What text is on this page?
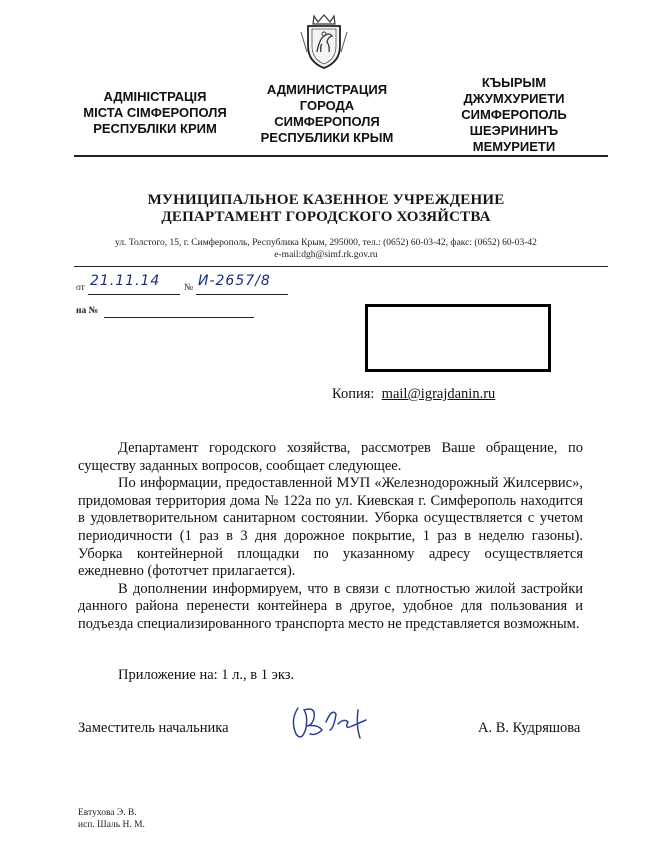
АДМІНІСТРАЦІЯ
МІСТА СІМФЕРОПОЛЯ
РЕСПУБЛІКИ КРИМ
АДМИНИСТРАЦИЯ
ГОРОДА
СИМФЕРОПОЛЯ
РЕСПУБЛИКИ КРЫМ
КЪЫРЫМ
ДЖУМХУРИЕТИ
СИМФЕРОПОЛЬ
ШЕЭРИНИНЪ
МЕМУРИЕТИ
МУНИЦИПАЛЬНОЕ КАЗЕННОЕ УЧРЕЖДЕНИЕ
ДЕПАРТАМЕНТ ГОРОДСКОГО ХОЗЯЙСТВА
ул. Толстого, 15, г. Симферополь, Республика Крым, 295000, тел.: (0652) 60-03-42, факс: (0652) 60-03-42
e-mail:dgh@simf.rk.gov.ru
от 21.11.14 № И-2657/8
на №
Копия: mail@igrajdanin.ru

Департамент городского хозяйства, рассмотрев Ваше обращение, по существу заданных вопросов, сообщает следующее.

По информации, предоставленной МУП «Железнодорожный Жилсервис», придомовая территория дома № 122а по ул. Киевская г. Симферополь находится в удовлетворительном санитарном состоянии. Уборка осуществляется с учетом периодичности (1 раз в 3 дня дорожное покрытие, 1 раз в неделю газоны). Уборка контейнерной площадки по указанному адресу осуществляется ежедневно (фототчет прилагается).

В дополнении информируем, что в связи с плотностью жилой застройки данного района перенести контейнера в другое, удобное для пользования и подъезда специализированного транспорта место не представляется возможным.

Приложение на: 1 л., в 1 экз.
Заместитель начальника	А. В. Кудряшова
Евтухова Э. В.
исп. Шаль Н. М.
